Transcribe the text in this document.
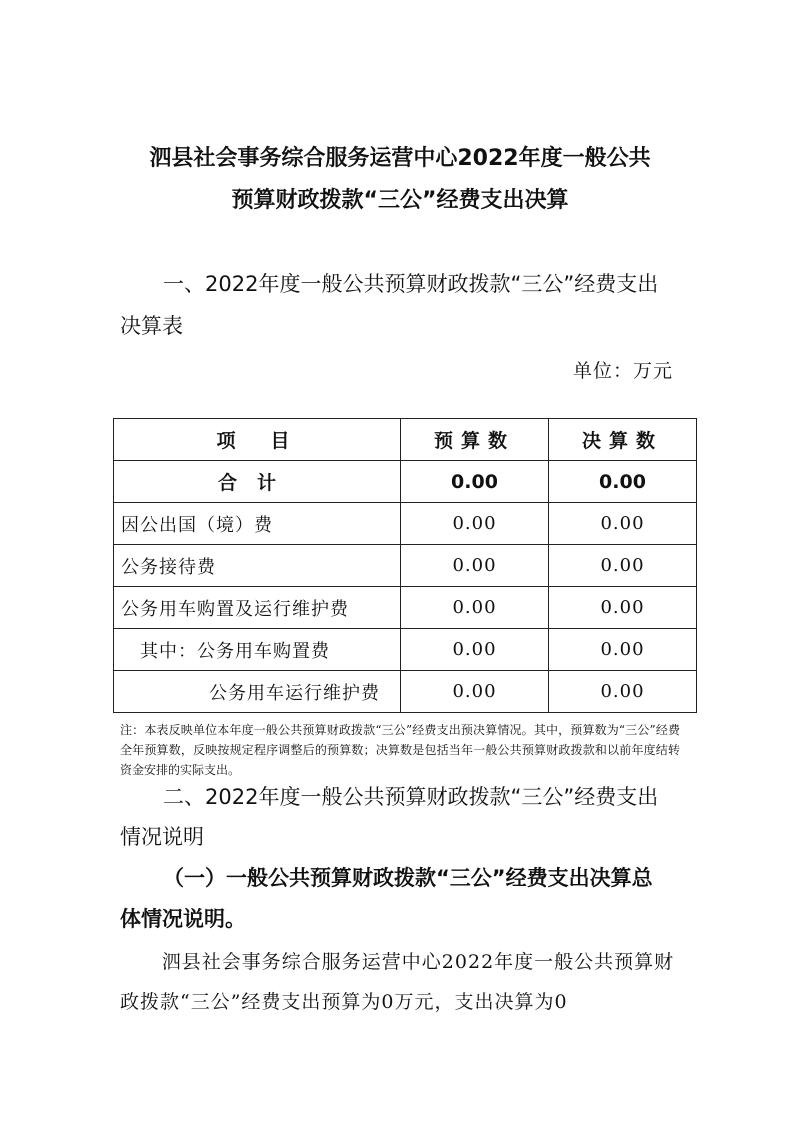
泗县社会事务综合服务运营中心2022年度一般公共
预算财政拨款“三公”经费支出决算
一、2022年度一般公共预算财政拨款“三公”经费支出
决算表
单位：万元
项　目	预算数	决算数
合计	0.00	0.00
因公出国（境）费	0.00	0.00
公务接待费	0.00	0.00
公务用车购置及运行维护费	0.00	0.00
其中：公务用车购置费	0.00	0.00
公务用车运行维护费	0.00	0.00
注：本表反映单位本年度一般公共预算财政拨款“三公”经费支出预决算情况。其中，预算数为“三公”经费全年预算数，反映按规定程序调整后的预算数；决算数是包括当年一般公共预算财政拨款和以前年度结转资金安排的实际支出。
二、2022年度一般公共预算财政拨款“三公”经费支出
情况说明
（一）一般公共预算财政拨款“三公”经费支出决算总
体情况说明。
泗县社会事务综合服务运营中心2022年度一般公共预算财政拨款“三公”经费支出预算为0万元，支出决算为0
